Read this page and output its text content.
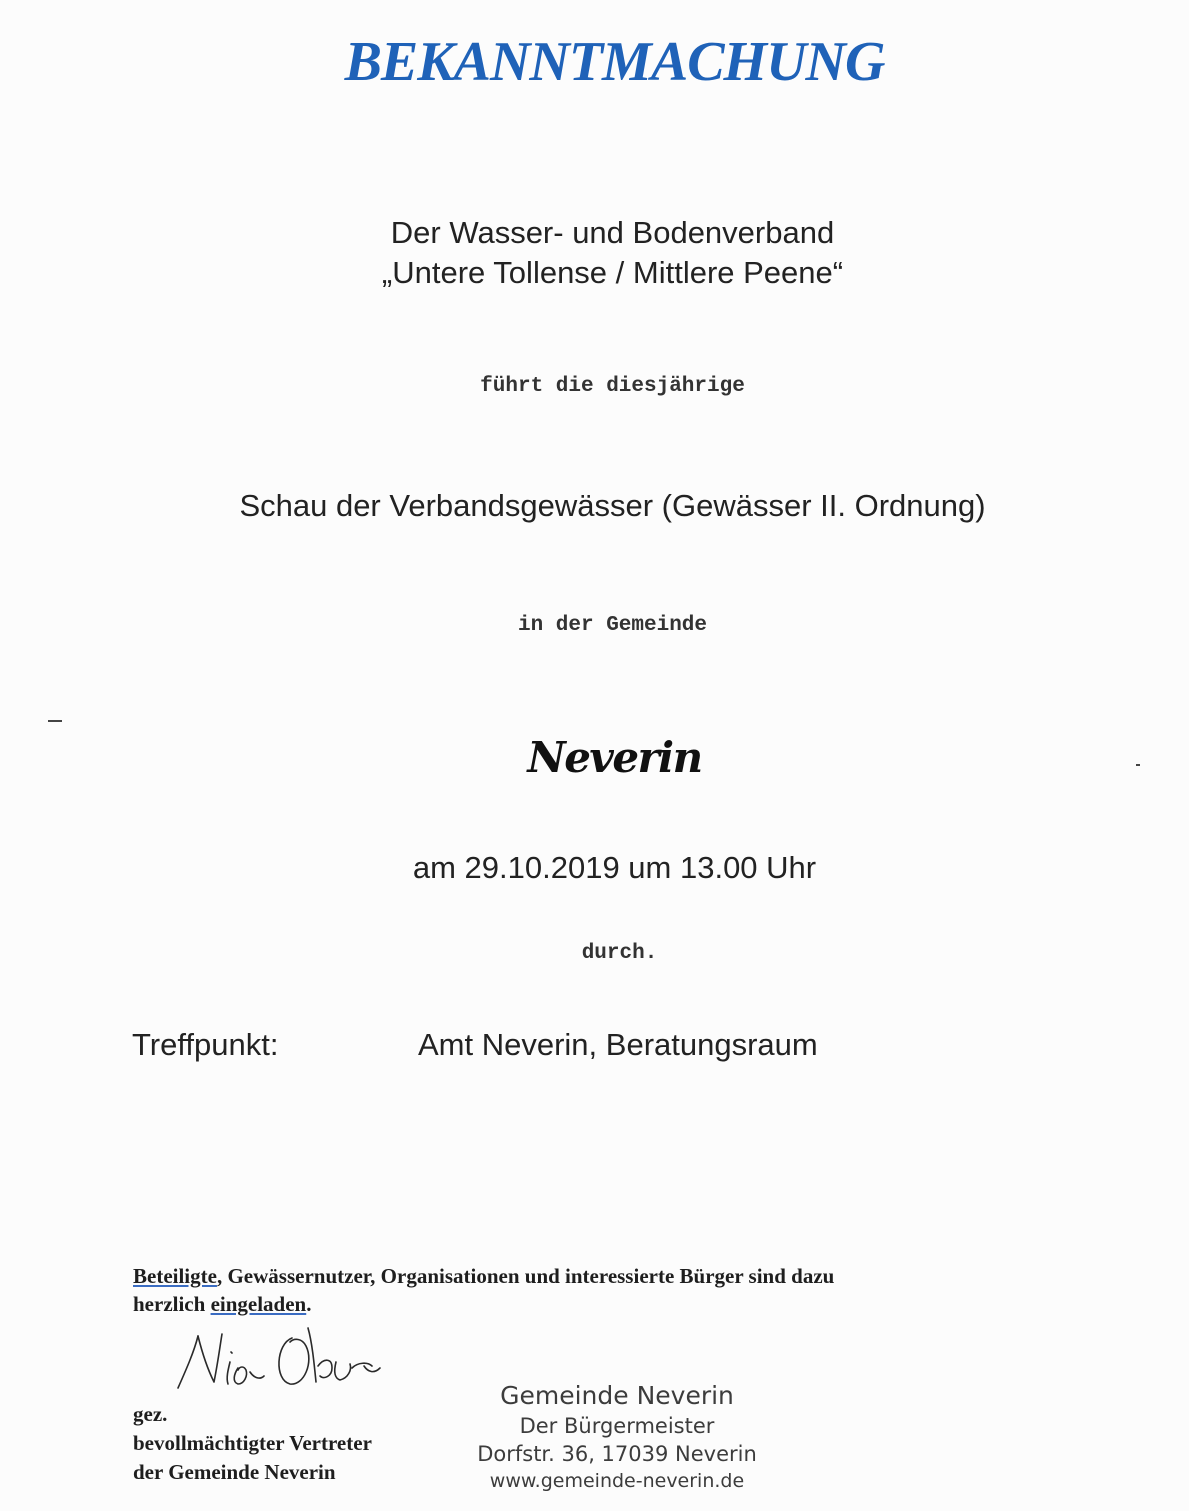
BEKANNTMACHUNG
Der Wasser- und Bodenverband
„Untere Tollense / Mittlere Peene“
führt die diesjährige
Schau der Verbandsgewässer (Gewässer II. Ordnung)
in der Gemeinde
Neverin
am 29.10.2019 um 13.00 Uhr
durch.
Treffpunkt:	Amt Neverin, Beratungsraum
Beteiligte, Gewässernutzer, Organisationen und interessierte Bürger sind dazu
herzlich eingeladen.
gez.
bevollmächtigter Vertreter
der Gemeinde Neverin
Gemeinde Neverin
Der Bürgermeister
Dorfstr. 36, 17039 Neverin
www.gemeinde-neverin.de
